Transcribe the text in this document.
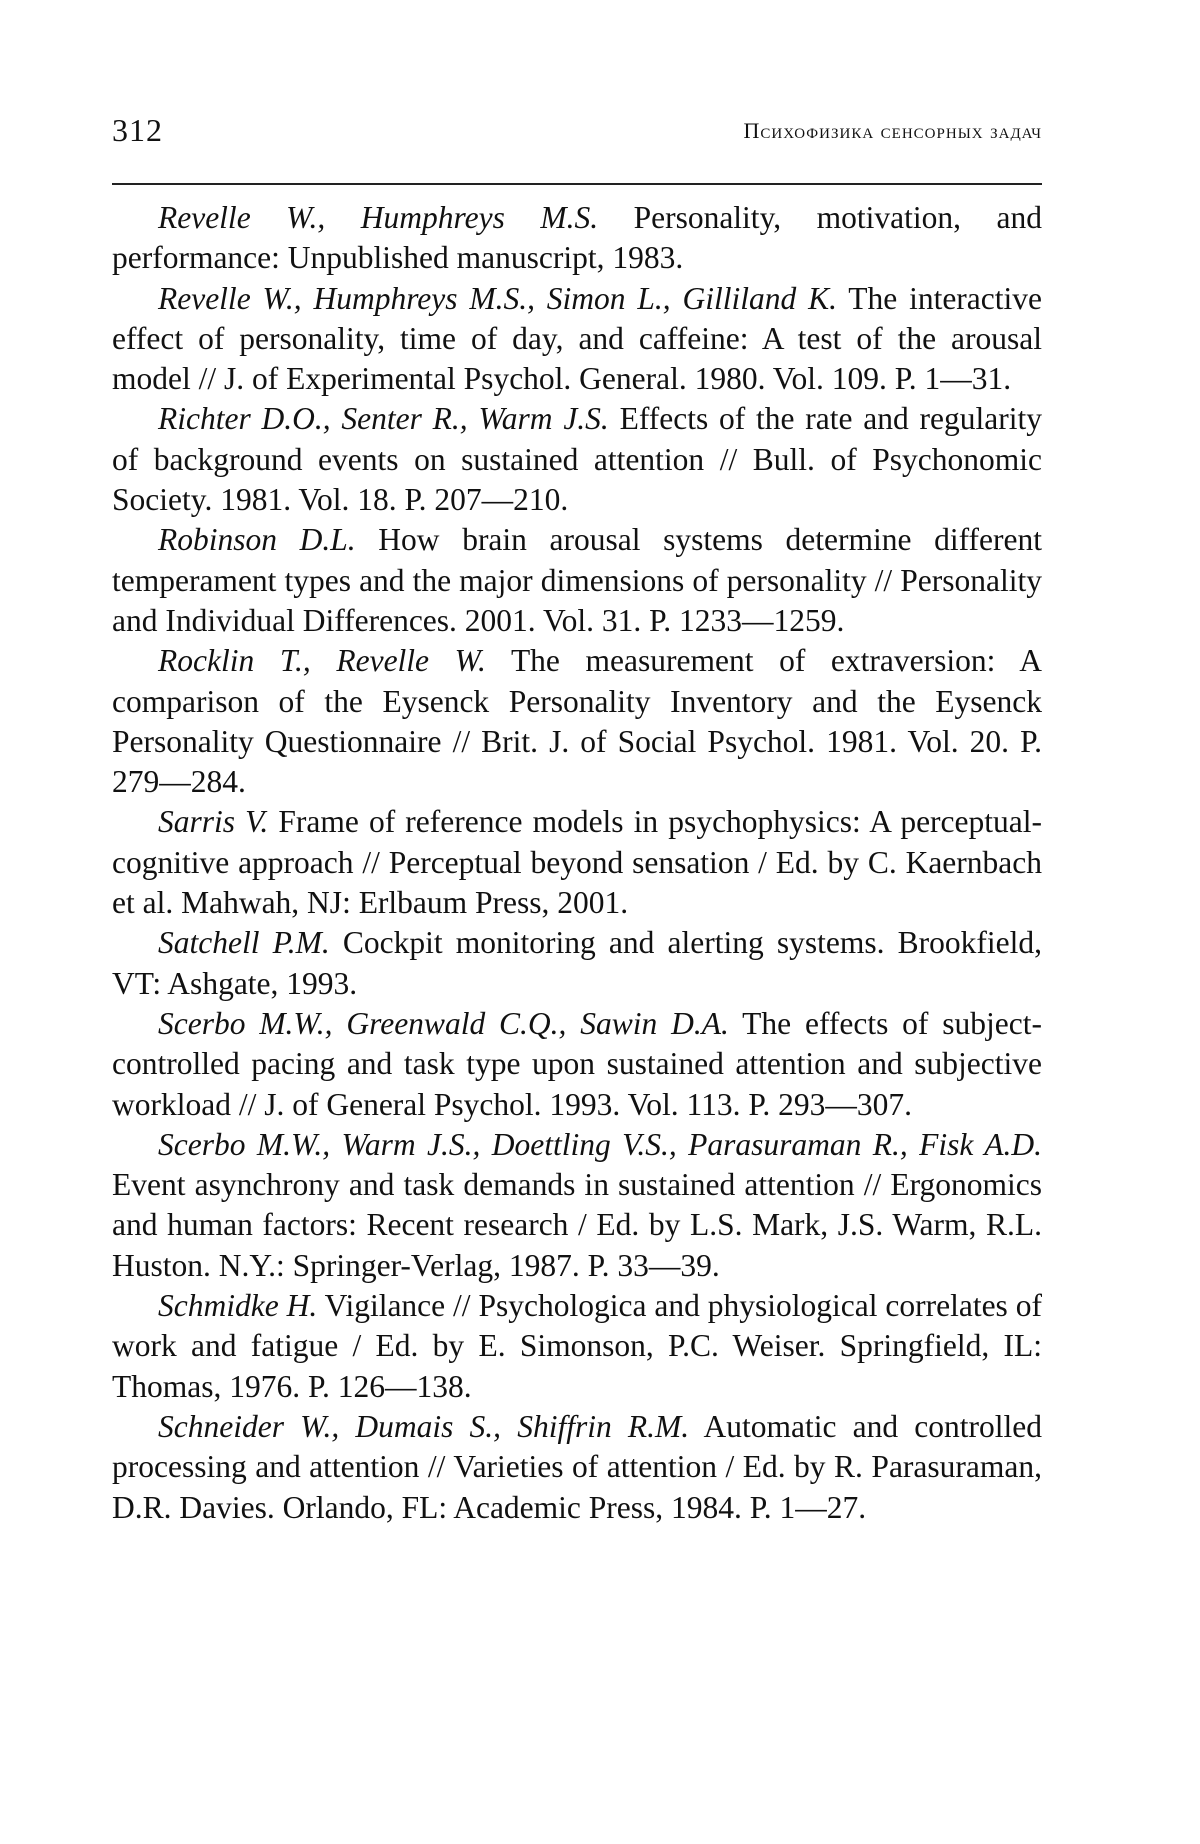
312	Психофизика сенсорных задач

Revelle W., Humphreys M.S. Personality, motivation, and performance: Unpublished manuscript, 1983.

Revelle W., Humphreys M.S., Simon L., Gilliland K. The interactive effect of personality, time of day, and caffeine: A test of the arousal model // J. of Experimental Psychol. General. 1980. Vol. 109. P. 1—31.

Richter D.O., Senter R., Warm J.S. Effects of the rate and regularity of background events on sustained attention // Bull. of Psychonomic Society. 1981. Vol. 18. P. 207—210.

Robinson D.L. How brain arousal systems determine different temperament types and the major dimensions of personality // Personality and Individual Differences. 2001. Vol. 31. P. 1233—1259.

Rocklin T., Revelle W. The measurement of extraversion: A comparison of the Eysenck Personality Inventory and the Eysenck Personality Questionnaire // Brit. J. of Social Psychol. 1981. Vol. 20. P. 279—284.

Sarris V. Frame of reference models in psychophysics: A perceptual-cognitive approach // Perceptual beyond sensation / Ed. by C. Kaernbach et al. Mahwah, NJ: Erlbaum Press, 2001.

Satchell P.M. Cockpit monitoring and alerting systems. Brookfield, VT: Ashgate, 1993.

Scerbo M.W., Greenwald C.Q., Sawin D.A. The effects of subject-controlled pacing and task type upon sustained attention and subjective workload // J. of General Psychol. 1993. Vol. 113. P. 293—307.

Scerbo M.W., Warm J.S., Doettling V.S., Parasuraman R., Fisk A.D. Event asynchrony and task demands in sustained attention // Ergonomics and human factors: Recent research / Ed. by L.S. Mark, J.S. Warm, R.L. Huston. N.Y.: Springer-Verlag, 1987. P. 33—39.

Schmidke H. Vigilance // Psychologica and physiological correlates of work and fatigue / Ed. by E. Simonson, P.C. Weiser. Springfield, IL: Thomas, 1976. P. 126—138.

Schneider W., Dumais S., Shiffrin R.M. Automatic and controlled processing and attention // Varieties of attention / Ed. by R. Parasuraman, D.R. Davies. Orlando, FL: Academic Press, 1984. P. 1—27.
